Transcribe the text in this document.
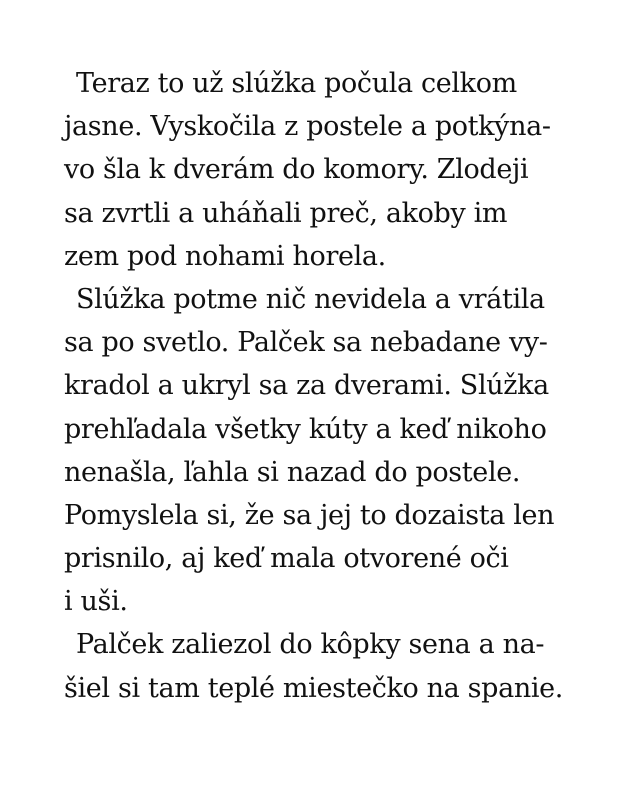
Teraz to už slúžka počula celkom
jasne. Vyskočila z postele a potkýna-
vo šla k dverám do komory. Zlodeji
sa zvrtli a uháňali preč, akoby im
zem pod nohami horela.
Slúžka potme nič nevidela a vrátila
sa po svetlo. Palček sa nebadane vy-
kradol a ukryl sa za dverami. Slúžka
prehľadala všetky kúty a keď nikoho
nenašla, ľahla si nazad do postele.
Pomyslela si, že sa jej to dozaista len
prisnilo, aj keď mala otvorené oči
i uši.
Palček zaliezol do kôpky sena a na-
šiel si tam teplé miestečko na spanie.
